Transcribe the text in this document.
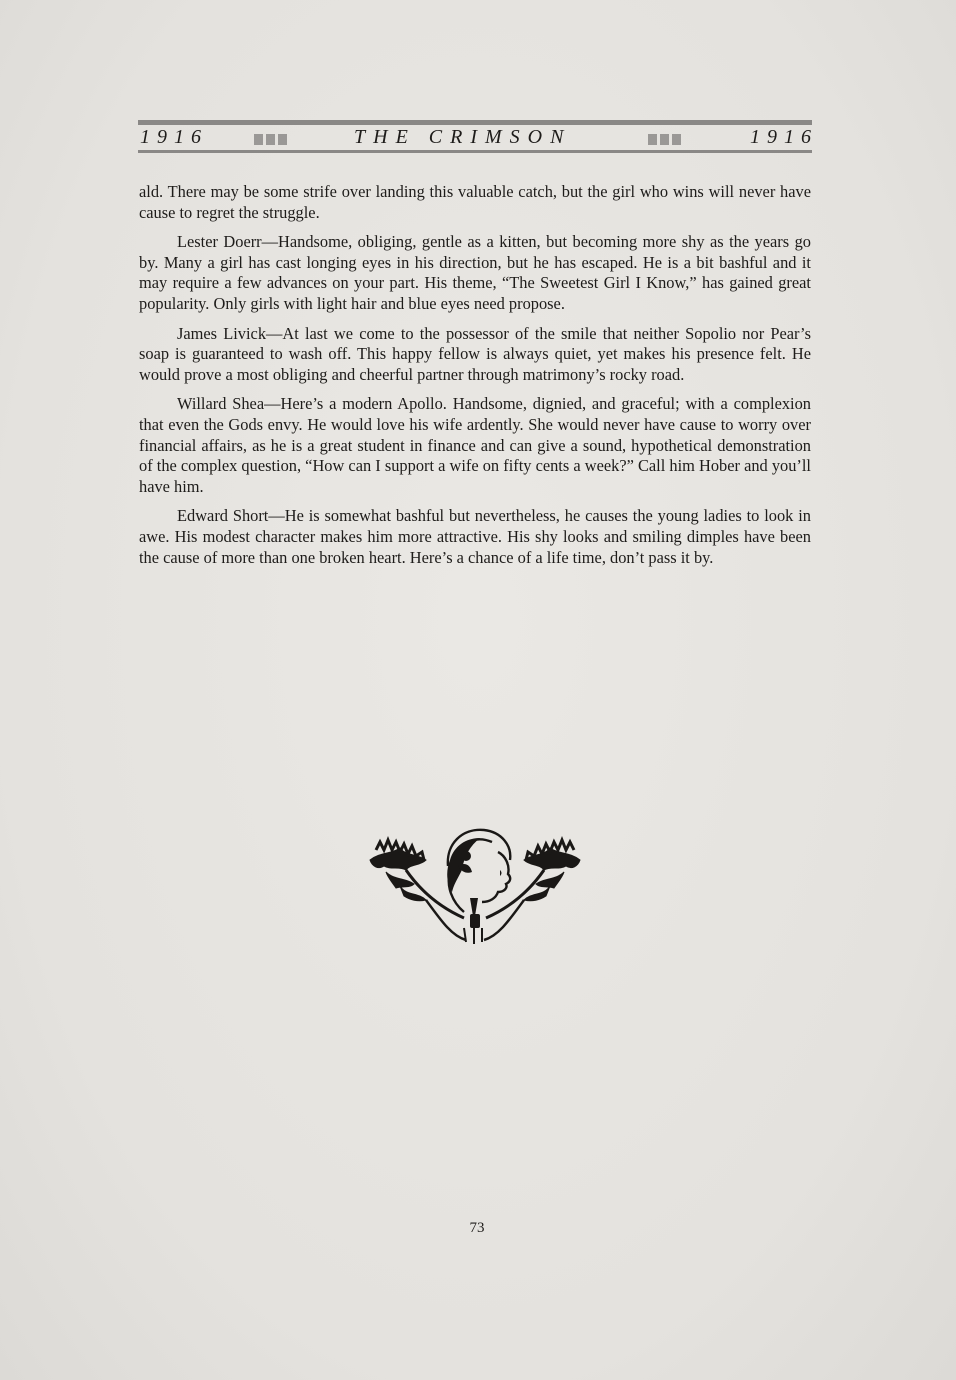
1916	THE CRIMSON	1916

ald. There may be some strife over landing this valuable catch, but the girl who wins will never have cause to regret the struggle.

Lester Doerr—Handsome, obliging, gentle as a kitten, but becoming more shy as the years go by. Many a girl has cast longing eyes in his direction, but he has escaped. He is a bit bashful and it may require a few advances on your part. His theme, “The Sweetest Girl I Know,” has gained great popularity. Only girls with light hair and blue eyes need propose.

James Livick—At last we come to the possessor of the smile that neither Sopolio nor Pear’s soap is guaranteed to wash off. This happy fellow is always quiet, yet makes his presence felt. He would prove a most obliging and cheerful partner through matrimony’s rocky road.

Willard Shea—Here’s a modern Apollo. Handsome, dignied, and graceful; with a complexion that even the Gods envy. He would love his wife ardently. She would never have cause to worry over financial affairs, as he is a great student in finance and can give a sound, hypothetical demonstration of the complex question, “How can I support a wife on fifty cents a week?” Call him Hober and you’ll have him.

Edward Short—He is somewhat bashful but nevertheless, he causes the young ladies to look in awe. His modest character makes him more attractive. His shy looks and smiling dimples have been the cause of more than one broken heart. Here’s a chance of a life time, don’t pass it by.

73
